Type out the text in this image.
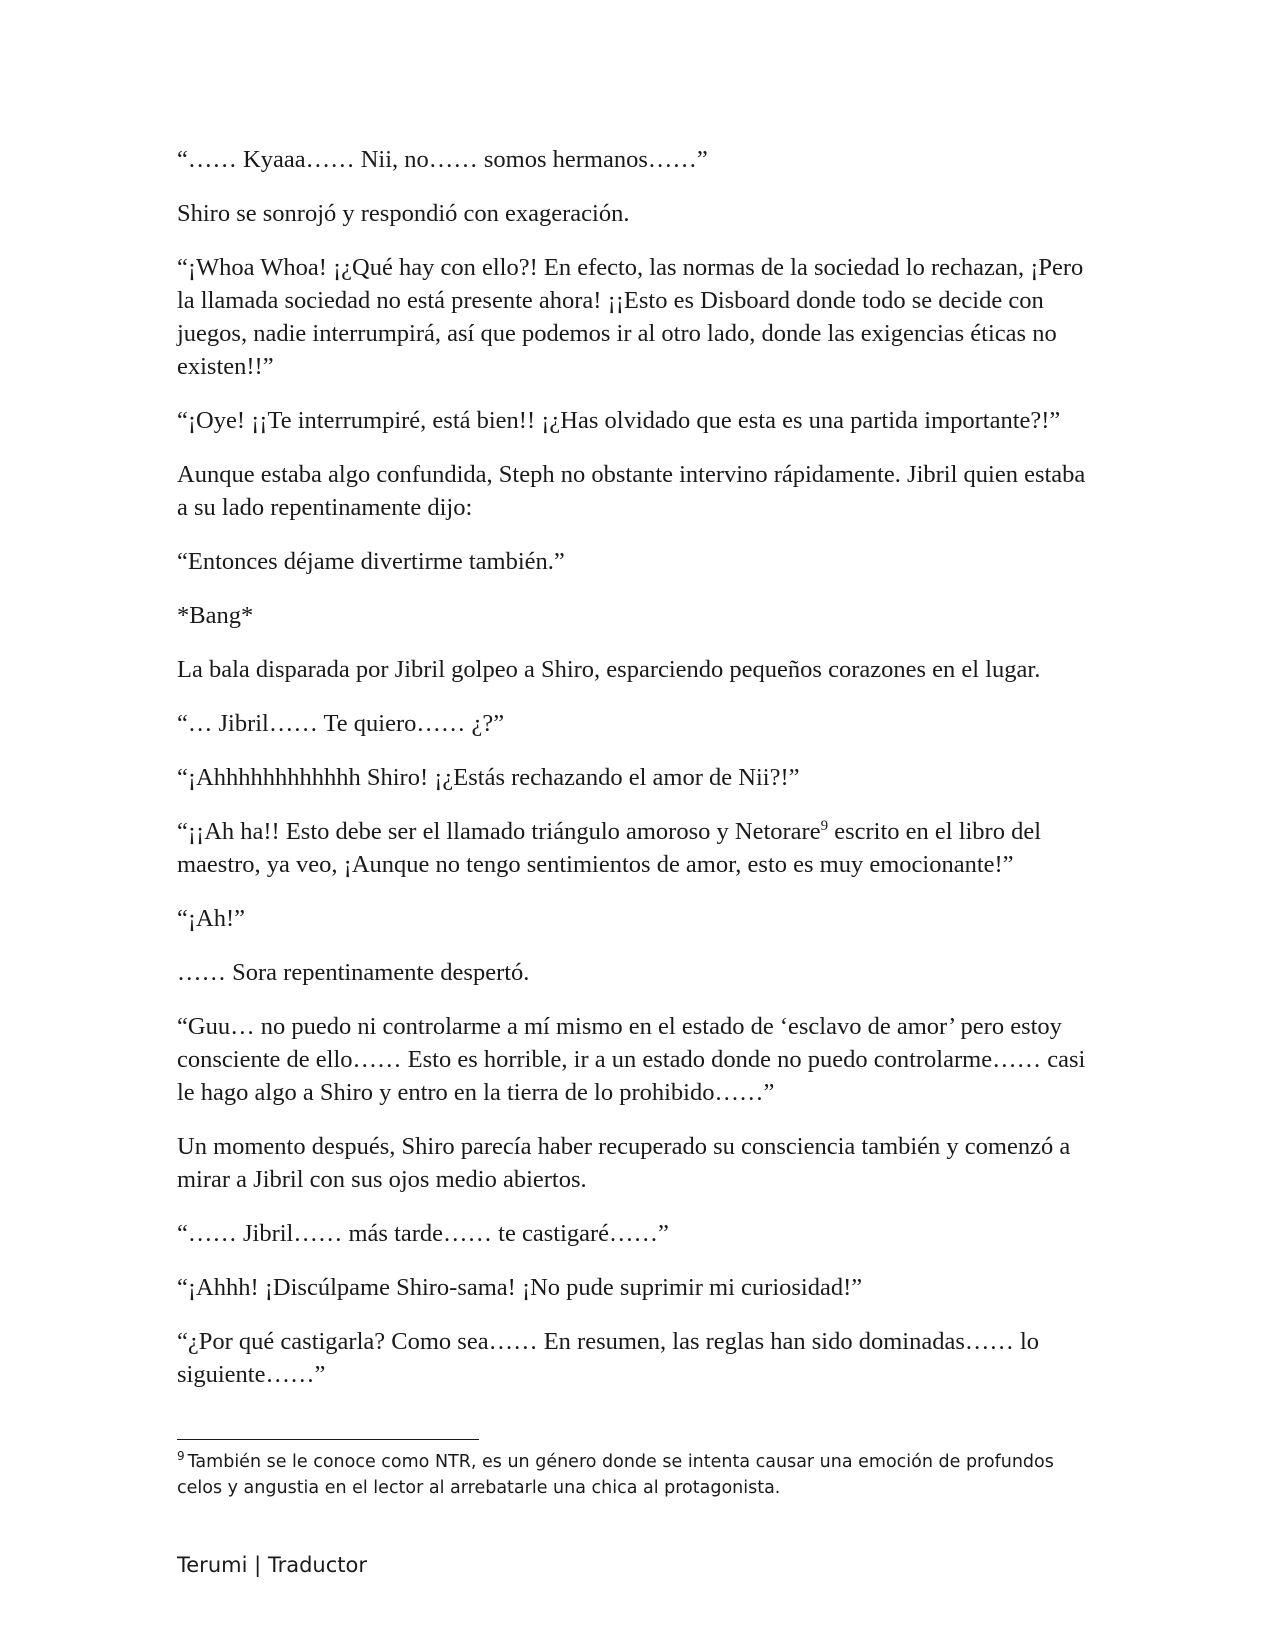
“…… Kyaaa…… Nii, no…… somos hermanos……”

Shiro se sonrojó y respondió con exageración.

“¡Whoa Whoa! ¡¿Qué hay con ello?! En efecto, las normas de la sociedad lo rechazan, ¡Pero la llamada sociedad no está presente ahora! ¡¡Esto es Disboard donde todo se decide con juegos, nadie interrumpirá, así que podemos ir al otro lado, donde las exigencias éticas no existen!!”

“¡Oye! ¡¡Te interrumpiré, está bien!! ¡¿Has olvidado que esta es una partida importante?!”

Aunque estaba algo confundida, Steph no obstante intervino rápidamente. Jibril quien estaba a su lado repentinamente dijo:

“Entonces déjame divertirme también.”

*Bang*

La bala disparada por Jibril golpeo a Shiro, esparciendo pequeños corazones en el lugar.

“… Jibril…… Te quiero…… ¿?”

“¡Ahhhhhhhhhhhh Shiro! ¡¿Estás rechazando el amor de Nii?!”

“¡¡Ah ha!! Esto debe ser el llamado triángulo amoroso y Netorare$^9$ escrito en el libro del maestro, ya veo, ¡Aunque no tengo sentimientos de amor, esto es muy emocionante!”

“¡Ah!”

…… Sora repentinamente despertó.

“Guu… no puedo ni controlarme a mí mismo en el estado de ‘esclavo de amor’ pero estoy consciente de ello…… Esto es horrible, ir a un estado donde no puedo controlarme…… casi le hago algo a Shiro y entro en la tierra de lo prohibido……”

Un momento después, Shiro parecía haber recuperado su consciencia también y comenzó a mirar a Jibril con sus ojos medio abiertos.

“…… Jibril…… más tarde…… te castigaré……”

“¡Ahhh! ¡Discúlpame Shiro-sama! ¡No pude suprimir mi curiosidad!”

“¿Por qué castigarla? Como sea…… En resumen, las reglas han sido dominadas…… lo siguiente……”

$^9$ También se le conoce como NTR, es un género donde se intenta causar una emoción de profundos celos y angustia en el lector al arrebatarle una chica al protagonista.
Terumi | Traductor
